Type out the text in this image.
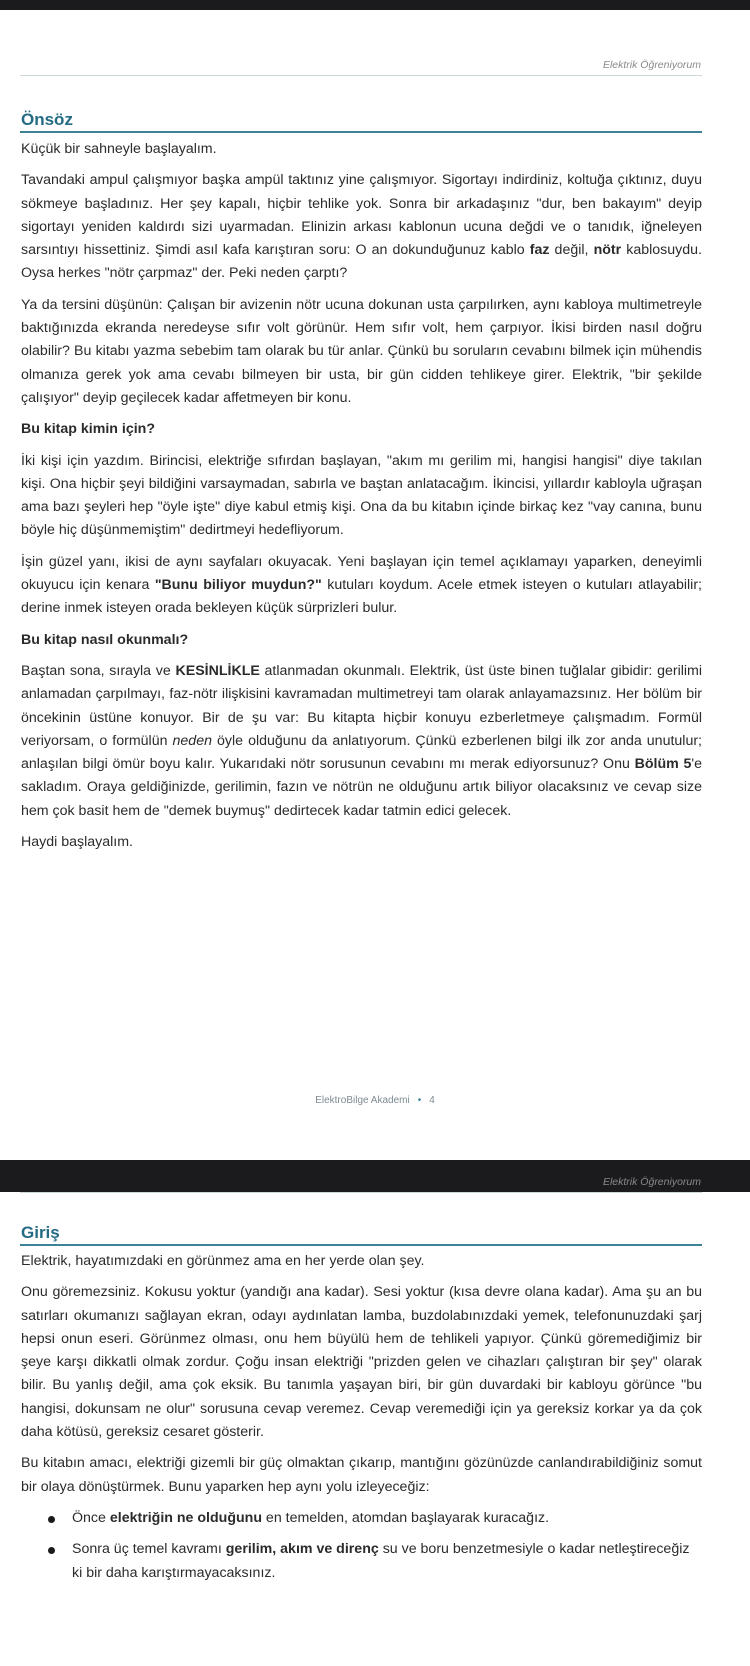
Elektrik Öğreniyorum
Önsöz

Küçük bir sahneyle başlayalım.

Tavandaki ampul çalışmıyor başka ampül taktınız yine çalışmıyor. Sigortayı indirdiniz, koltuğa çıktınız, duyu sökmeye başladınız. Her şey kapalı, hiçbir tehlike yok. Sonra bir arkadaşınız "dur, ben bakayım" deyip sigortayı yeniden kaldırdı sizi uyarmadan. Elinizin arkası kablonun ucuna değdi ve o tanıdık, iğneleyen sarsıntıyı hissettiniz. Şimdi asıl kafa karıştıran soru: O an dokunduğunuz kablo faz değil, nötr kablosuydu. Oysa herkes "nötr çarpmaz" der. Peki neden çarptı?

Ya da tersini düşünün: Çalışan bir avizenin nötr ucuna dokunan usta çarpılırken, aynı kabloya multimetreyle baktığınızda ekranda neredeyse sıfır volt görünür. Hem sıfır volt, hem çarpıyor. İkisi birden nasıl doğru olabilir? Bu kitabı yazma sebebim tam olarak bu tür anlar. Çünkü bu soruların cevabını bilmek için mühendis olmanıza gerek yok ama cevabı bilmeyen bir usta, bir gün cidden tehlikeye girer. Elektrik, "bir şekilde çalışıyor" deyip geçilecek kadar affetmeyen bir konu.

Bu kitap kimin için?

İki kişi için yazdım. Birincisi, elektriğe sıfırdan başlayan, "akım mı gerilim mi, hangisi hangisi" diye takılan kişi. Ona hiçbir şeyi bildiğini varsaymadan, sabırla ve baştan anlatacağım. İkincisi, yıllardır kabloyla uğraşan ama bazı şeyleri hep "öyle işte" diye kabul etmiş kişi. Ona da bu kitabın içinde birkaç kez "vay canına, bunu böyle hiç düşünmemiştim" dedirtmeyi hedefliyorum.

İşin güzel yanı, ikisi de aynı sayfaları okuyacak. Yeni başlayan için temel açıklamayı yaparken, deneyimli okuyucu için kenara "Bunu biliyor muydun?" kutuları koydum. Acele etmek isteyen o kutuları atlayabilir; derine inmek isteyen orada bekleyen küçük sürprizleri bulur.

Bu kitap nasıl okunmalı?

Baştan sona, sırayla ve KESİNLİKLE atlanmadan okunmalı. Elektrik, üst üste binen tuğlalar gibidir: gerilimi anlamadan çarpılmayı, faz-nötr ilişkisini kavramadan multimetreyi tam olarak anlayamazsınız. Her bölüm bir öncekinin üstüne konuyor. Bir de şu var: Bu kitapta hiçbir konuyu ezberletmeye çalışmadım. Formül veriyorsam, o formülün neden öyle olduğunu da anlatıyorum. Çünkü ezberlenen bilgi ilk zor anda unutulur; anlaşılan bilgi ömür boyu kalır. Yukarıdaki nötr sorusunun cevabını mı merak ediyorsunuz? Onu Bölüm 5'e sakladım. Oraya geldiğinizde, gerilimin, fazın ve nötrün ne olduğunu artık biliyor olacaksınız ve cevap size hem çok basit hem de "demek buymuş" dedirtecek kadar tatmin edici gelecek.

Haydi başlayalım.

ElektroBilge Akademi • 4
Elektrik Öğreniyorum
Giriş

Elektrik, hayatımızdaki en görünmez ama en her yerde olan şey.

Onu göremezsiniz. Kokusu yoktur (yandığı ana kadar). Sesi yoktur (kısa devre olana kadar). Ama şu an bu satırları okumanızı sağlayan ekran, odayı aydınlatan lamba, buzdolabınızdaki yemek, telefonunuzdaki şarj hepsi onun eseri. Görünmez olması, onu hem büyülü hem de tehlikeli yapıyor. Çünkü göremediğimiz bir şeye karşı dikkatli olmak zordur. Çoğu insan elektriği "prizden gelen ve cihazları çalıştıran bir şey" olarak bilir. Bu yanlış değil, ama çok eksik. Bu tanımla yaşayan biri, bir gün duvardaki bir kabloyu görünce "bu hangisi, dokunsam ne olur" sorusuna cevap veremez. Cevap veremediği için ya gereksiz korkar ya da çok daha kötüsü, gereksiz cesaret gösterir.

Bu kitabın amacı, elektriği gizemli bir güç olmaktan çıkarıp, mantığını gözünüzde canlandırabildiğiniz somut bir olaya dönüştürmek. Bunu yaparken hep aynı yolu izleyeceğiz:

Önce elektriğin ne olduğunu en temelden, atomdan başlayarak kuracağız.
Sonra üç temel kavramı gerilim, akım ve direnç su ve boru benzetmesiyle o kadar netleştireceğiz ki bir daha karıştırmayacaksınız.
